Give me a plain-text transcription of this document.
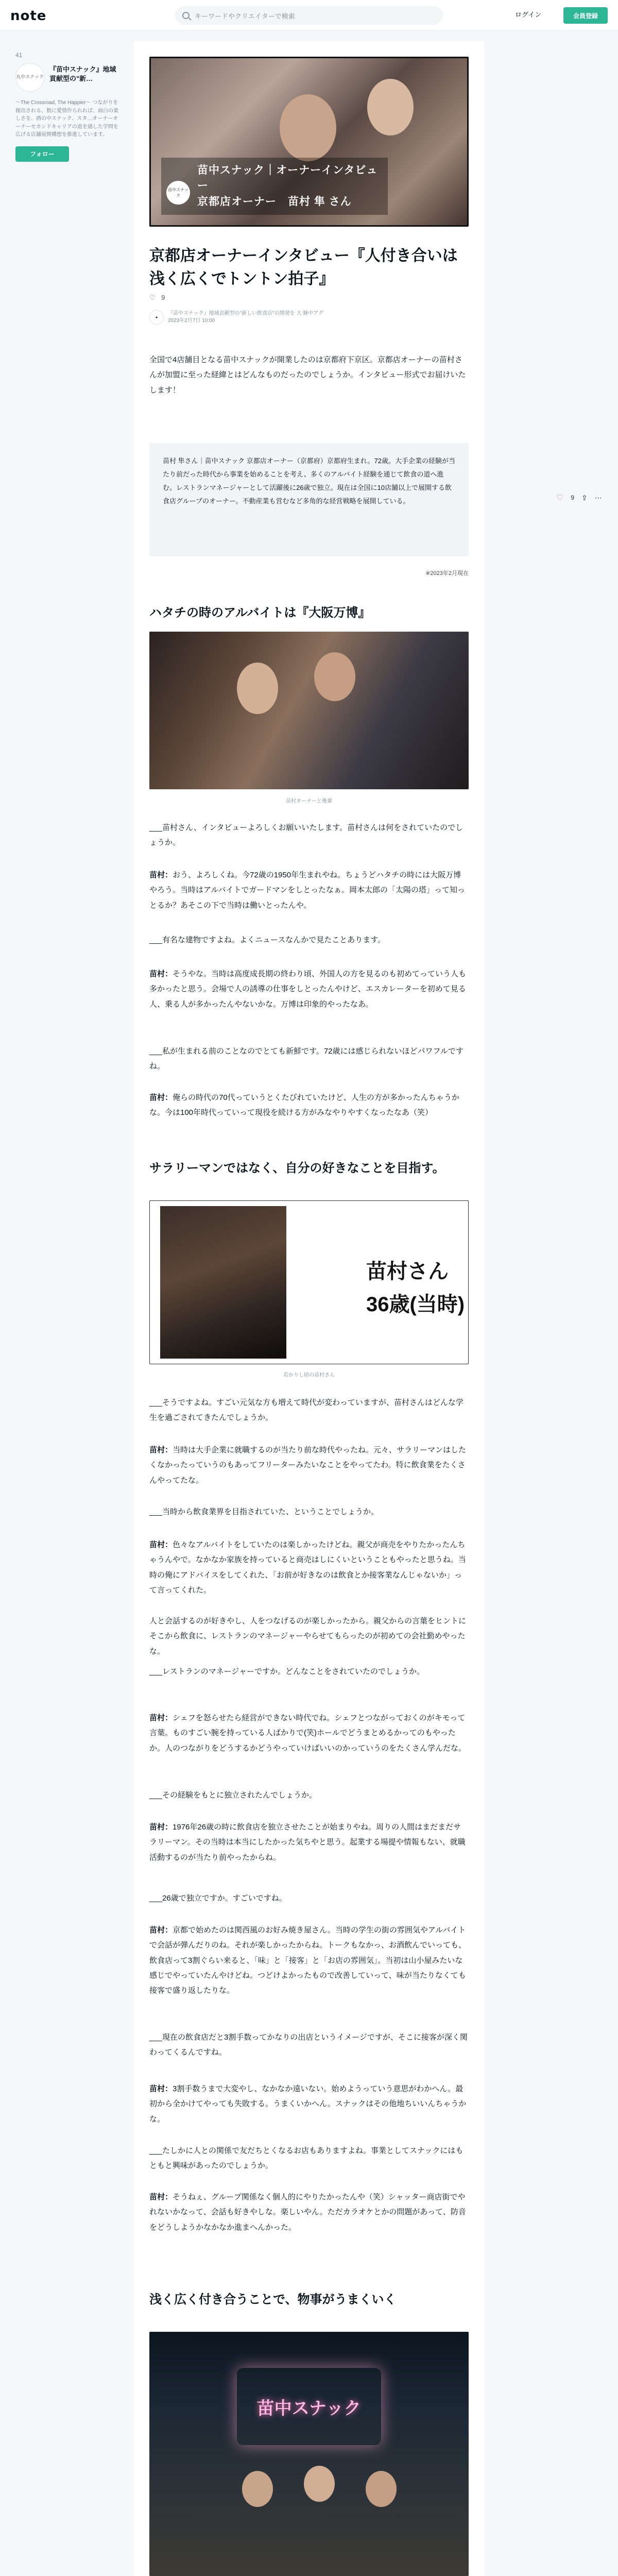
note	キーワードやクリエイターで検索	ログイン	会員登録
41
丸中スナック
『苗中スナック』地域貢献型の"新…
〜The Crossroad, The Happier〜 つながりを創出される、数に愛情作られれば、面白の楽しさを、酒の中スナック、スタ…オーナーオーナーセカンドキャリアの道を通した学問を広げる店舗展開構想を推進しています。
フォロー
苗中スナック｜オーナーインタビュー
京都店オーナー　苗村 隼 さん
苗中スナック
京都店オーナーインタビュー『人付き合いは浅く広くでトントン拍子』
♡ 9
●
『苗中スナック』地域貢献型の"新しい飲食店"の開発を 大 継中アグ
2023年2月7日 10:00

全国で4店舗目となる苗中スナックが開業したのは京都府下京区。京都店オーナーの苗村さんが加盟に至った経緯とはどんなものだったのでしょうか。インタビュー形式でお届けいたします！

苗村 隼さん｜苗中スナック 京都店オーナー（京都府）京都府生まれ。72歳。大手企業の経験が当たり前だった時代から事業を始めることを考え、多くのアルバイト経験を通じて飲食の道へ進む。レストランマネージャーとして活躍後に26歳で独立。現在は全国に10店舗以上で展開する飲食店グループのオーナー。不動産業も営むなど多角的な経営戦略を展開している。
※2023年2月現在
ハタチの時のアルバイトは『大阪万博』
苗村オーナーと後輩

___苗村さん、インタビューよろしくお願いいたします。苗村さんは何をされていたのでしょうか。

苗村：おう、よろしくね。今72歳の1950年生まれやね。ちょうどハタチの時には大阪万博やろう。当時はアルバイトでガードマンをしとったなぁ。岡本太郎の「太陽の塔」って知っとるか？あそこの下で当時は働いとったんや。

___有名な建物ですよね。よくニュースなんかで見たことあります。

苗村：そうやな。当時は高度成長期の終わり頃、外国人の方を見るのも初めてっていう人も多かったと思う。会場で人の誘導の仕事をしとったんやけど、エスカレーターを初めて見る人、乗る人が多かったんやないかな。万博は印象的やったなあ。

___私が生まれる前のことなのでとても新鮮です。72歳には感じられないほどパワフルですね。

苗村：俺らの時代の70代っていうとくたびれていたけど、人生の方が多かったんちゃうかな。今は100年時代っていって現役を続ける方がみなやりやすくなったなあ（笑）

サラリーマンではなく、自分の好きなことを目指す。
苗村さん
36歳(当時)
若かりし頃の苗村さん

___そうですよね。すごい元気な方も増えて時代が変わっていますが、苗村さんはどんな学生を過ごされてきたんでしょうか。

苗村：当時は大手企業に就職するのが当たり前な時代やったね。元々、サラリーマンはしたくなかったっていうのもあってフリーターみたいなことをやってたわ。特に飲食業をたくさんやってたな。

___当時から飲食業界を目指されていた、ということでしょうか。

苗村：色々なアルバイトをしていたのは楽しかったけどね。親父が商売をやりたかったんちゃうんやで。なかなか家族を持っていると商売はしにくいということもやったと思うね。当時の俺にアドバイスをしてくれた、「お前が好きなのは飲食とか接客業なんじゃないか」って言ってくれた。

人と会話するのが好きやし、人をつなげるのが楽しかったから。親父からの言葉をヒントにそこから飲食に、レストランのマネージャーやらせてもらったのが初めての会社勤めやったな。

___レストランのマネージャーですか。どんなことをされていたのでしょうか。

苗村：シェフを怒らせたら経営ができない時代でね。シェフとつながっておくのがキモって言葉。ものすごい腕を持っている人ばかりで(笑)ホールでどうまとめるかってのもやったか。人のつながりをどうするかどうやっていけばいいのかっていうのをたくさん学んだな。

___その経験をもとに独立されたんでしょうか。

苗村：1976年26歳の時に飲食店を独立させたことが始まりやね。周りの人間はまだまだサラリーマン。その当時は本当にしたかった気ちやと思う。起業する場提や情報もない、就職活動するのが当たり前やったからね。

___26歳で独立ですか。すごいですね。

苗村：京都で始めたのは関西風のお好み焼き屋さん。当時の学生の街の雰囲気やアルバイトで会話が弾んだりのね。それが楽しかったからね。トークもなかっ、お酒飲んでいっても、飲食店って3割ぐらい来ると、「味」と「接客」と「お店の雰囲気」。当初は山小屋みたいな感じでやっていたんやけどね。つどけよかったもので改善していって、味が当たりなくても接客で盛り返したりな。

___現在の飲食店だと3割手数ってかなりの出店というイメージですが、そこに接客が深く関わってくるんですね。

苗村：3割手数うまで大変やし、なかなか遠いない。始めようっていう意思がわかへん。最初から全かけてやっても失敗する。うまくいかへん。スナックはその他地ちいいんちゃうかな。

___たしかに人との関係で友だちとくなるお店もありますよね。事業としてスナックにはもともと興味があったのでしょうか。

苗村：そうねぇ、グループ関係なく個人的にやりたかったんや（笑）シャッター商店街でやれないかなって、会話も好きやしな。楽しいやん。ただカラオケとかの問題があって、防音をどうしようかなかなか進まへんかった。

浅く広く付き合うことで、物事がうまくいく
苗中スナック

♡ 9 ⇪ ⋯
